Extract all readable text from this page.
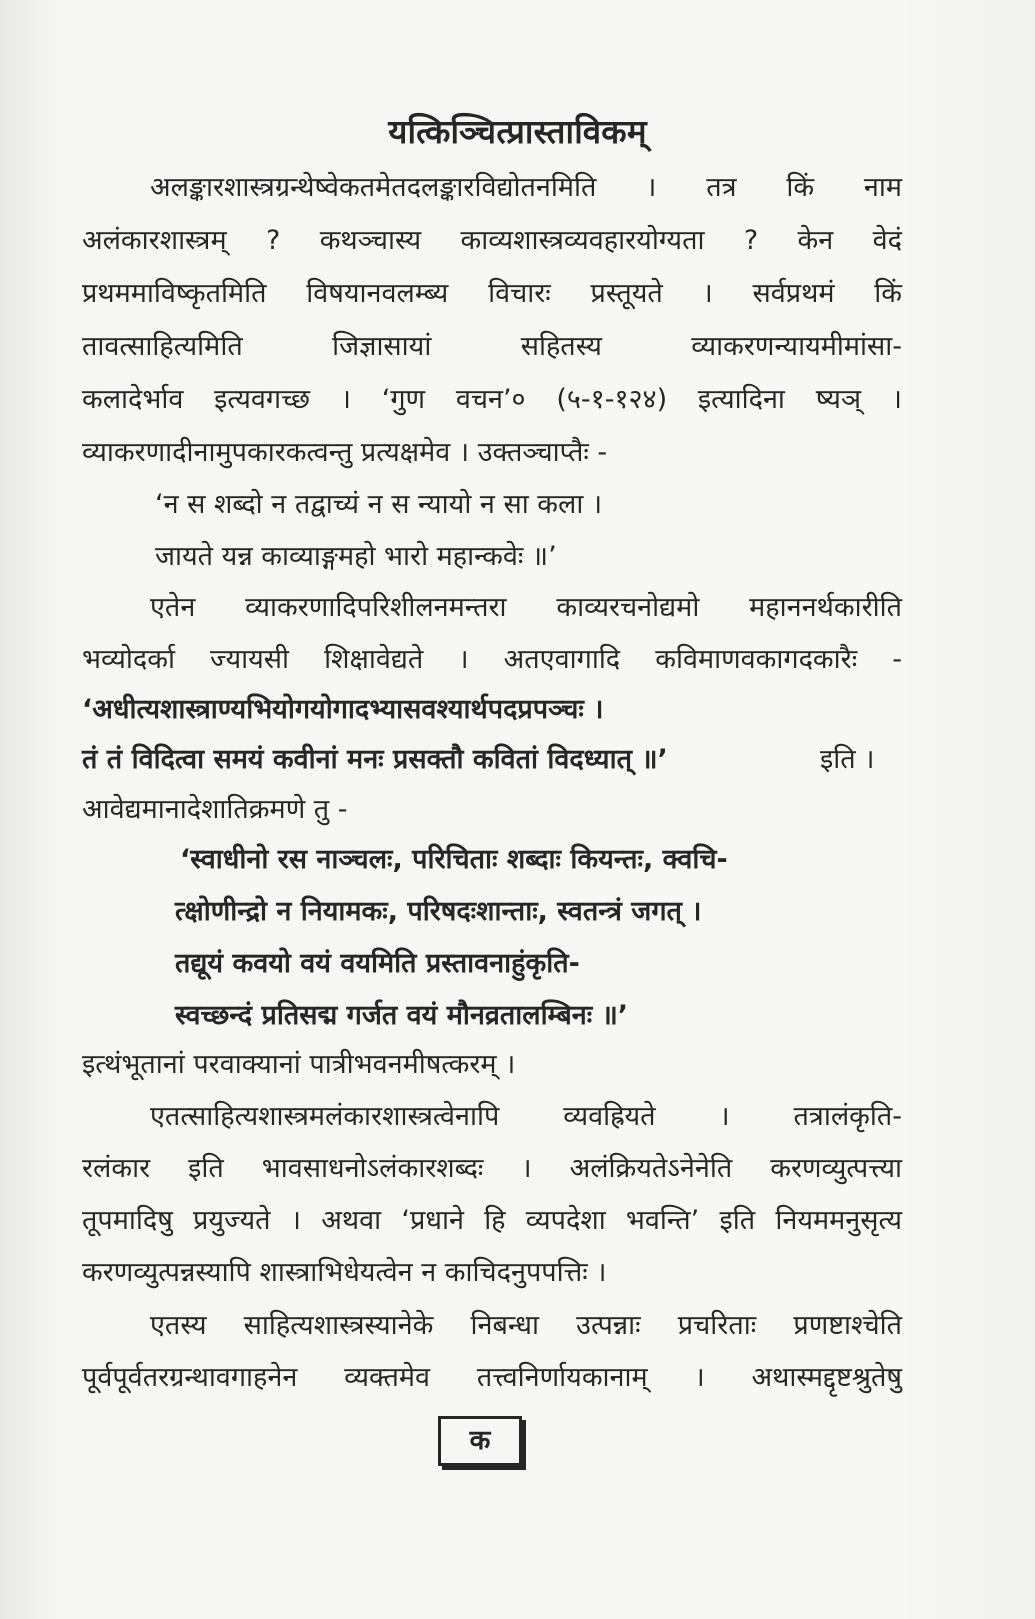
यत्किञ्चित्प्रास्ताविकम्
अलङ्कारशास्त्रग्रन्थेष्वेकतमेतदलङ्कारविद्योतनमिति । तत्र किं नाम
अलंकारशास्त्रम् ? कथञ्चास्य काव्यशास्त्रव्यवहारयोग्यता ? केन वेदं
प्रथममाविष्कृतमिति विषयानवलम्ब्य विचारः प्रस्तूयते । सर्वप्रथमं किं
तावत्साहित्यमिति जिज्ञासायां सहितस्य व्याकरणन्यायमीमांसा-
कलादेर्भाव इत्यवगच्छ । ‘गुण वचन’० (५-१-१२४) इत्यादिना ष्यञ् ।
व्याकरणादीनामुपकारकत्वन्तु प्रत्यक्षमेव । उक्तञ्चाप्तैः -
‘न स शब्दो न तद्वाच्यं न स न्यायो न सा कला ।
जायते यन्न काव्याङ्गमहो भारो महान्कवेः ॥’
एतेन व्याकरणादिपरिशीलनमन्तरा काव्यरचनोद्यमो महाननर्थकारीति
भव्योदर्का ज्यायसी शिक्षावेद्यते । अतएवागादि कविमाणवकागदकारैः -
‘अधीत्यशास्त्राण्यभियोगयोगादभ्यासवश्यार्थपदप्रपञ्चः ।
तं तं विदित्वा समयं कवीनां मनः प्रसक्तौ कवितां विदध्यात् ॥’	इति ।
आवेद्यमानादेशातिक्रमणे तु -
‘स्वाधीनो रस नाञ्चलः, परिचिताः शब्दाः कियन्तः, क्वचि-
त्क्षोणीन्द्रो न नियामकः, परिषदःशान्ताः, स्वतन्त्रं जगत् ।
तद्यूयं कवयो वयं वयमिति प्रस्तावनाहुंकृति-
स्वच्छन्दं प्रतिसद्म गर्जत वयं मौनव्रतालम्बिनः ॥’
इत्थंभूतानां परवाक्यानां पात्रीभवनमीषत्करम् ।
एतत्साहित्यशास्त्रमलंकारशास्त्रत्वेनापि व्यवह्रियते । तत्रालंकृति-
रलंकार इति भावसाधनोऽलंकारशब्दः । अलंक्रियतेऽनेनेति करणव्युत्पत्त्या
तूपमादिषु प्रयुज्यते । अथवा ‘प्रधाने हि व्यपदेशा भवन्ति’ इति नियममनुसृत्य
करणव्युत्पन्नस्यापि शास्त्राभिधेयत्वेन न काचिदनुपपत्तिः ।
एतस्य साहित्यशास्त्रस्यानेके निबन्धा उत्पन्नाः प्रचरिताः प्रणष्टाश्चेति
पूर्वपूर्वतरग्रन्थावगाहनेन व्यक्तमेव तत्त्वनिर्णायकानाम् । अथास्मद्दृष्टश्रुतेषु
क
